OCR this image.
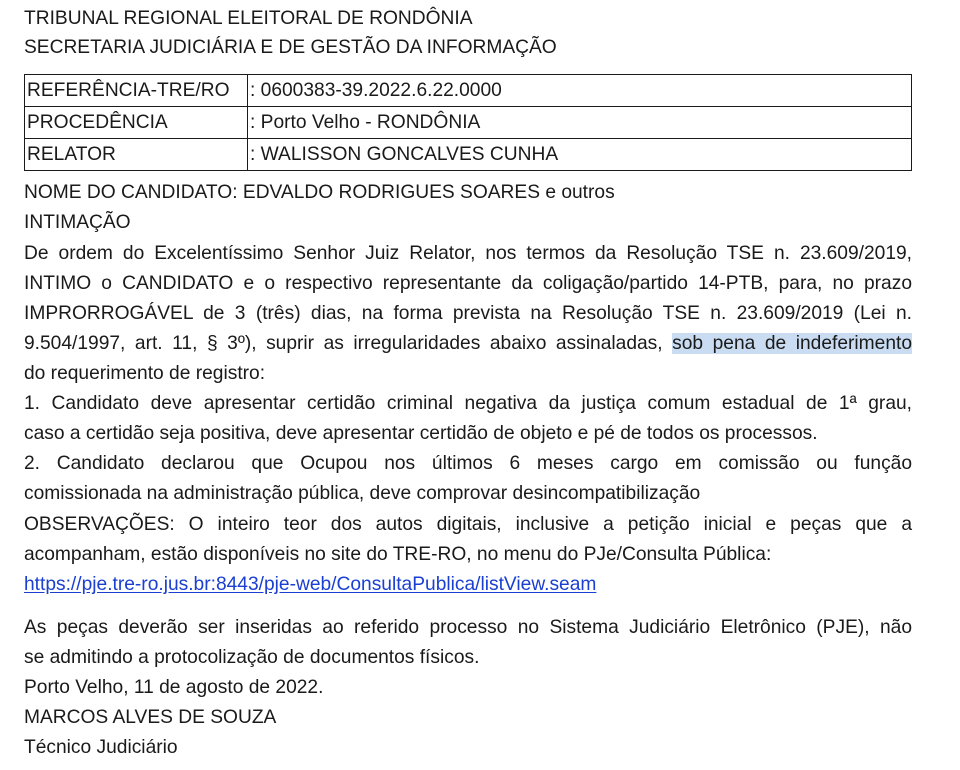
TRIBUNAL REGIONAL ELEITORAL DE RONDÔNIA
SECRETARIA JUDICIÁRIA E DE GESTÃO DA INFORMAÇÃO
REFERÊNCIA-TRE/RO	: 0600383-39.2022.6.22.0000
PROCEDÊNCIA	: Porto Velho - RONDÔNIA
RELATOR	: WALISSON GONCALVES CUNHA
NOME DO CANDIDATO: EDVALDO RODRIGUES SOARES e outros
INTIMAÇÃO
De ordem do Excelentíssimo Senhor Juiz Relator, nos termos da Resolução TSE n. 23.609/2019,
INTIMO o CANDIDATO e o respectivo representante da coligação/partido 14-PTB, para, no prazo
IMPRORROGÁVEL de 3 (três) dias, na forma prevista na Resolução TSE n. 23.609/2019 (Lei n.
9.504/1997, art. 11, § 3º), suprir as irregularidades abaixo assinaladas, sob pena de indeferimento
do requerimento de registro:
1. Candidato deve apresentar certidão criminal negativa da justiça comum estadual de 1ª grau,
caso a certidão seja positiva, deve apresentar certidão de objeto e pé de todos os processos.
2. Candidato declarou que Ocupou nos últimos 6 meses cargo em comissão ou função
comissionada na administração pública, deve comprovar desincompatibilização
OBSERVAÇÕES: O inteiro teor dos autos digitais, inclusive a petição inicial e peças que a
acompanham, estão disponíveis no site do TRE-RO, no menu do PJe/Consulta Pública:
https://pje.tre-ro.jus.br:8443/pje-web/ConsultaPublica/listView.seam
As peças deverão ser inseridas ao referido processo no Sistema Judiciário Eletrônico (PJE), não
se admitindo a protocolização de documentos físicos.
Porto Velho, 11 de agosto de 2022.
MARCOS ALVES DE SOUZA
Técnico Judiciário
